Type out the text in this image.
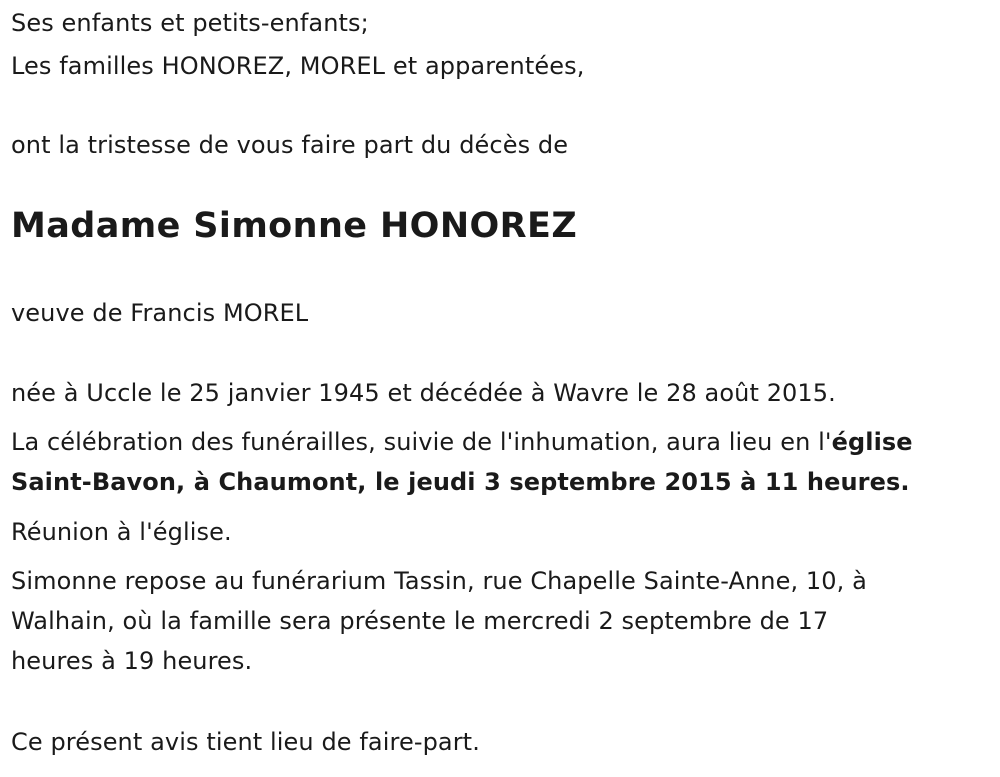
Ses enfants et petits-enfants;
Les familles HONOREZ, MOREL et apparentées,
ont la tristesse de vous faire part du décès de
Madame Simonne HONOREZ
veuve de Francis MOREL
née à Uccle le 25 janvier 1945 et décédée à Wavre le 28 août 2015.
La célébration des funérailles, suivie de l'inhumation, aura lieu en l'église
Saint-Bavon, à Chaumont, le jeudi 3 septembre 2015 à 11 heures.
Réunion à l'église.
Simonne repose au funérarium Tassin, rue Chapelle Sainte-Anne, 10, à
Walhain, où la famille sera présente le mercredi 2 septembre de 17
heures à 19 heures.
Ce présent avis tient lieu de faire-part.
